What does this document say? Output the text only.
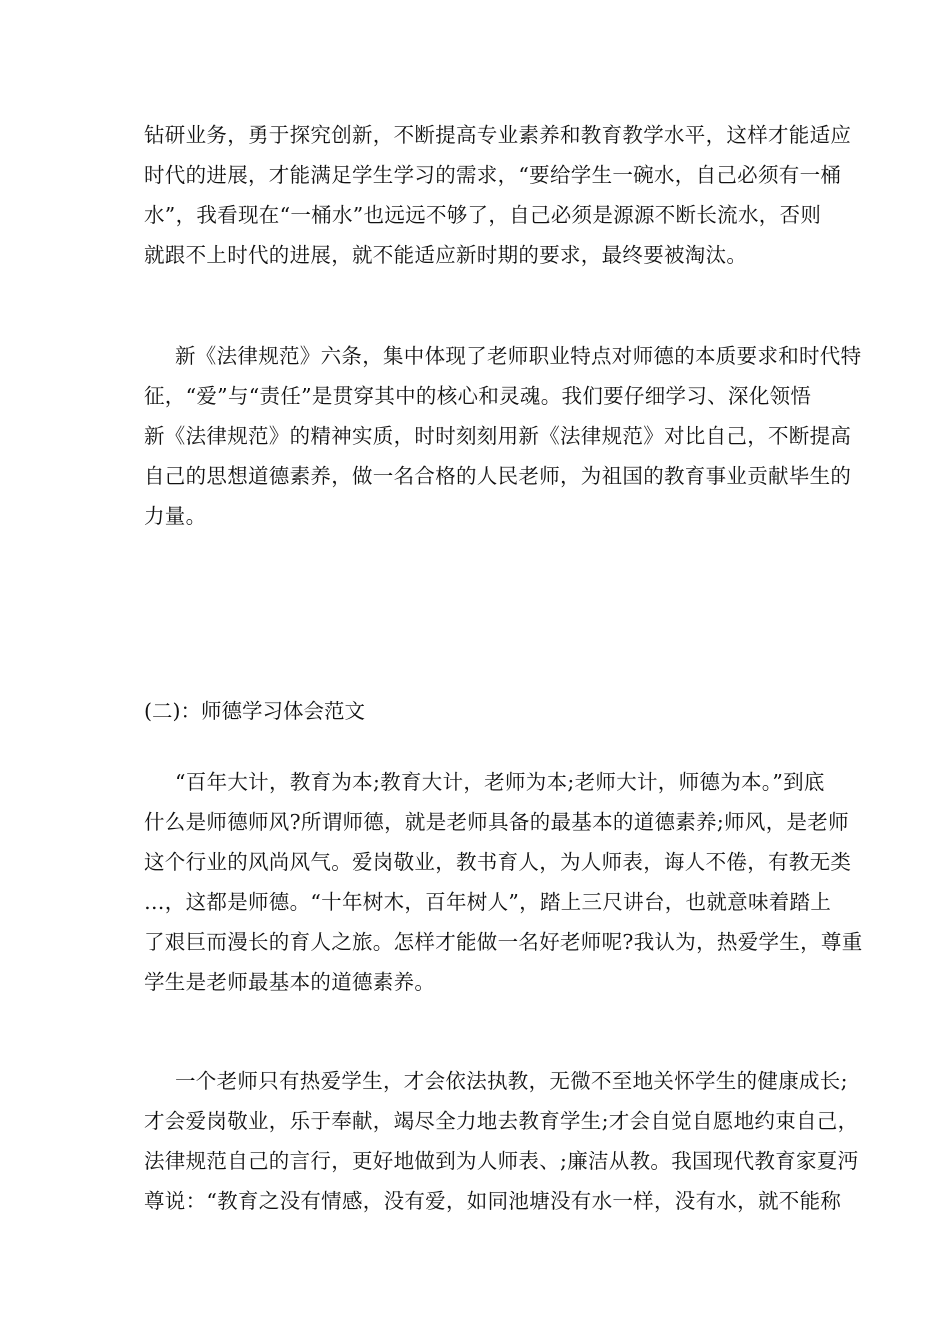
钻研业务，勇于探究创新，不断提高专业素养和教育教学水平，这样才能适应
时代的进展，才能满足学生学习的需求，“要给学生一碗水，自己必须有一桶
水”，我看现在“一桶水”也远远不够了，自己必须是源源不断长流水，否则
就跟不上时代的进展，就不能适应新时期的要求，最终要被淘汰。

新《法律规范》六条，集中体现了老师职业特点对师德的本质要求和时代特
征，“爱”与“责任”是贯穿其中的核心和灵魂。我们要仔细学习、深化领悟
新《法律规范》的精神实质，时时刻刻用新《法律规范》对比自己，不断提高
自己的思想道德素养，做一名合格的人民老师，为祖国的教育事业贡献毕生的
力量。

(二)：师德学习体会范文

“百年大计，教育为本;教育大计，老师为本;老师大计，师德为本。”到底
什么是师德师风?所谓师德，就是老师具备的最基本的道德素养;师风，是老师
这个行业的风尚风气。爱岗敬业，教书育人，为人师表，诲人不倦，有教无类
…，这都是师德。“十年树木，百年树人”，踏上三尺讲台，也就意味着踏上
了艰巨而漫长的育人之旅。怎样才能做一名好老师呢?我认为，热爱学生，尊重
学生是老师最基本的道德素养。

一个老师只有热爱学生，才会依法执教，无微不至地关怀学生的健康成长;
才会爱岗敬业，乐于奉献，竭尽全力地去教育学生;才会自觉自愿地约束自己，
法律规范自己的言行，更好地做到为人师表、;廉洁从教。我国现代教育家夏沔
尊说：“教育之没有情感，没有爱，如同池塘没有水一样，没有水，就不能称
